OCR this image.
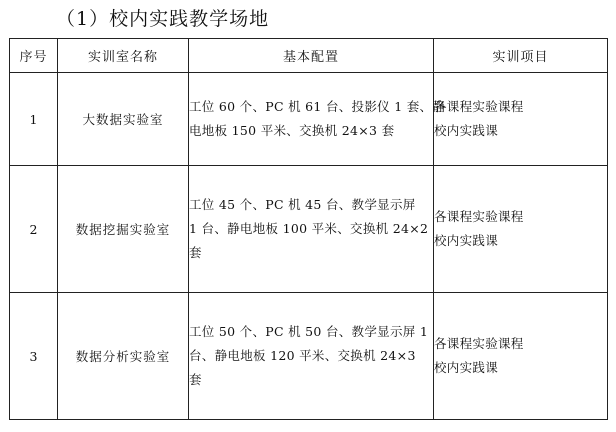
（1）校内实践教学场地
序号	实训室名称	基本配置	实训项目
1	大数据实验室	工位 60 个、PC 机 61 台、投影仪 1 套、静
电地板 150 平米、交换机 24×3 套	各课程实验课程
校内实践课

2	数据挖掘实验室	工位 45 个、PC 机 45 台、教学显示屏
1 台、静电地板 100 平米、交换机 24×2
套	各课程实验课程
校内实践课

3	数据分析实验室	工位 50 个、PC 机 50 台、教学显示屏 1
台、静电地板 120 平米、交换机 24×3
套	各课程实验课程
校内实践课
